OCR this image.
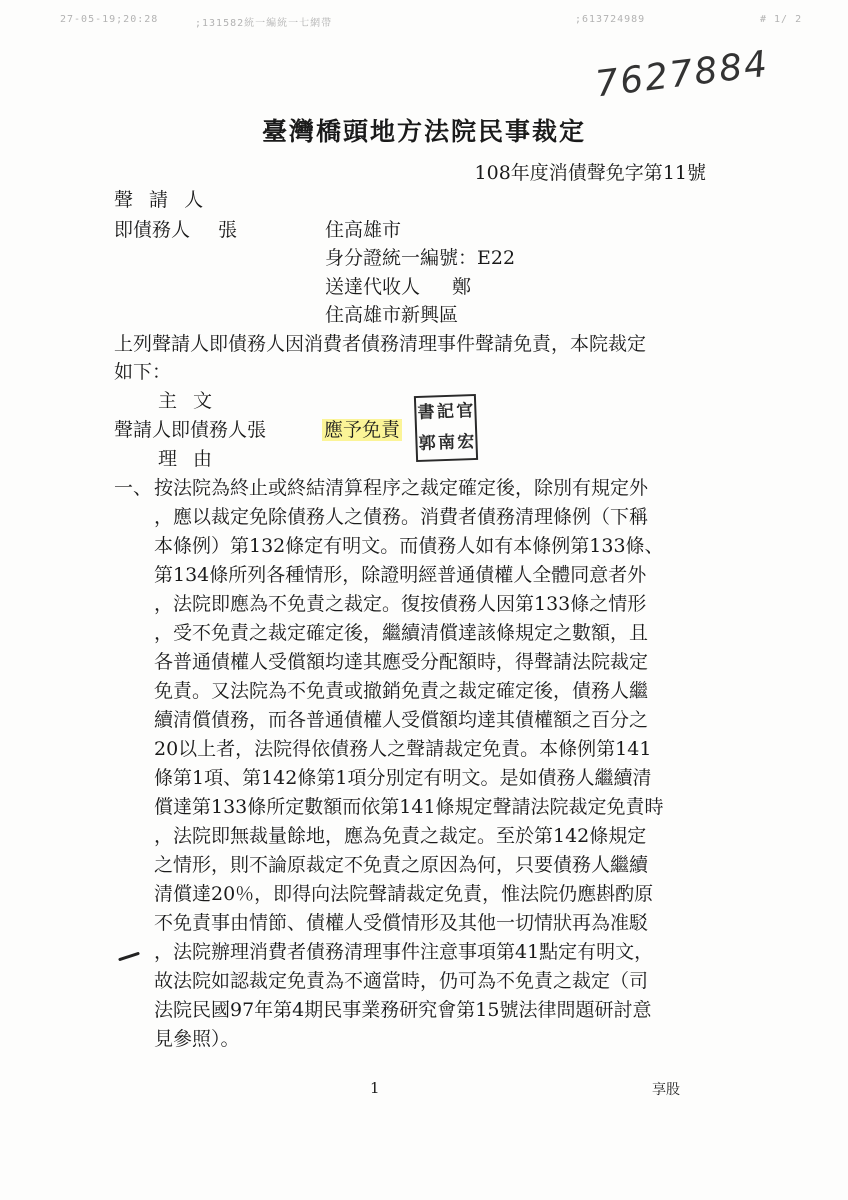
27-05-19;20:28	;131582統一編統一七網帶	;613724989	# 1/ 2
7627884
臺灣橋頭地方法院民事裁定
108年度消債聲免字第11號
聲 請 人
即債務人 張	住高雄市
身分證統一編號：E22
送達代收人 鄭
住高雄市新興區
上列聲請人即債務人因消費者債務清理事件聲請免責，本院裁定
如下：
主 文
聲請人即債務人張	應予免責
書 記 官
郭 南 宏
理 由
一、 按法院為終止或終結清算程序之裁定確定後，除別有規定外
，應以裁定免除債務人之債務。消費者債務清理條例（下稱
本條例）第132條定有明文。而債務人如有本條例第133條、
第134條所列各種情形，除證明經普通債權人全體同意者外
，法院即應為不免責之裁定。復按債務人因第133條之情形
，受不免責之裁定確定後，繼續清償達該條規定之數額，且
各普通債權人受償額均達其應受分配額時，得聲請法院裁定
免責。又法院為不免責或撤銷免責之裁定確定後，債務人繼
續清償債務，而各普通債權人受償額均達其債權額之百分之
20以上者，法院得依債務人之聲請裁定免責。本條例第141
條第1項、第142條第1項分別定有明文。是如債務人繼續清
償達第133條所定數額而依第141條規定聲請法院裁定免責時
，法院即無裁量餘地，應為免責之裁定。至於第142條規定
之情形，則不論原裁定不免責之原因為何，只要債務人繼續
清償達20％，即得向法院聲請裁定免責，惟法院仍應斟酌原
不免責事由情節、債權人受償情形及其他一切情狀再為准駁
，法院辦理消費者債務清理事件注意事項第41點定有明文，
故法院如認裁定免責為不適當時，仍可為不免責之裁定（司
法院民國97年第4期民事業務研究會第15號法律問題研討意
見參照）。
1	享股
